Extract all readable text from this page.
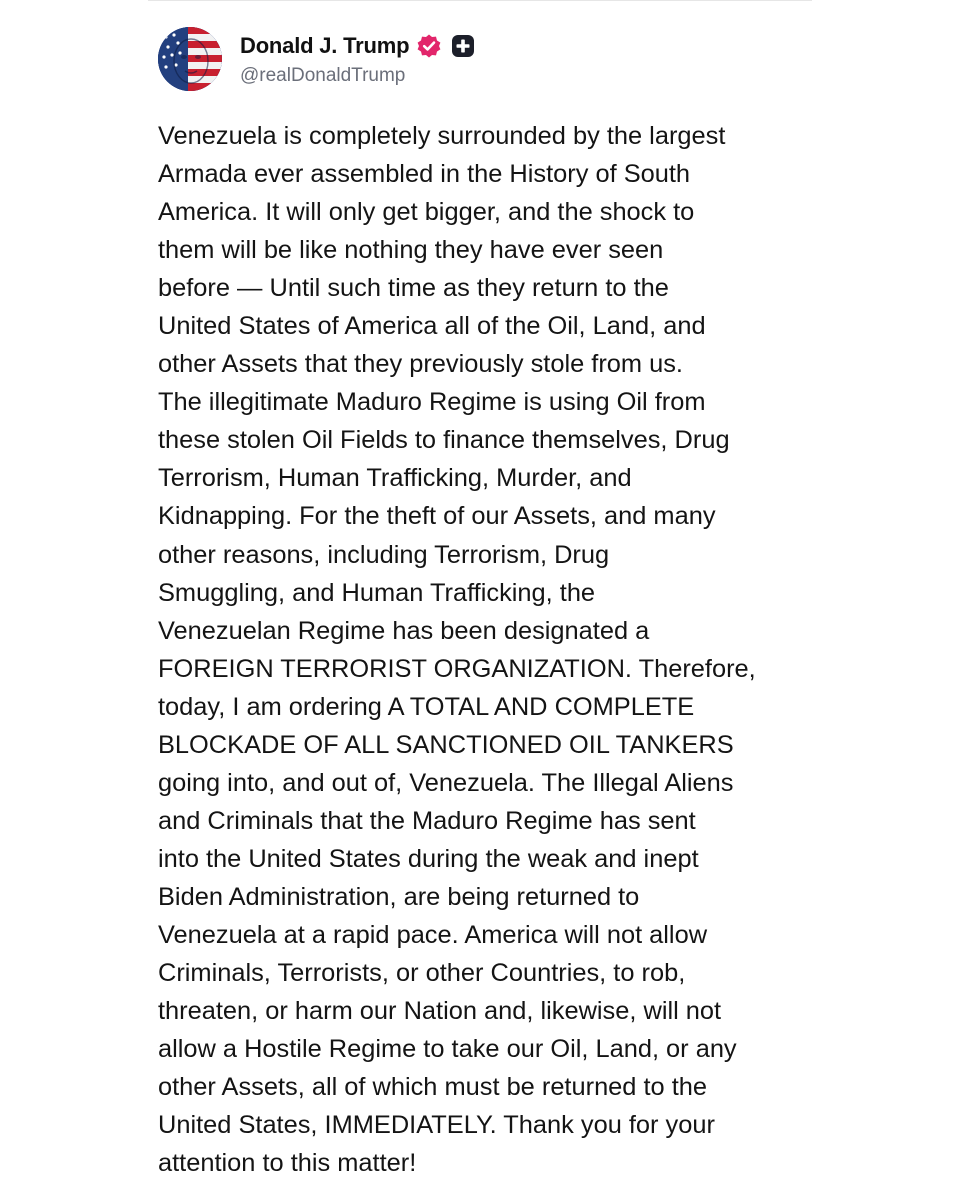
Donald J. Trump
@realDonaldTrump
Venezuela is completely surrounded by the largest
Armada ever assembled in the History of South
America. It will only get bigger, and the shock to
them will be like nothing they have ever seen
before — Until such time as they return to the
United States of America all of the Oil, Land, and
other Assets that they previously stole from us.
The illegitimate Maduro Regime is using Oil from
these stolen Oil Fields to finance themselves, Drug
Terrorism, Human Trafficking, Murder, and
Kidnapping. For the theft of our Assets, and many
other reasons, including Terrorism, Drug
Smuggling, and Human Trafficking, the
Venezuelan Regime has been designated a
FOREIGN TERRORIST ORGANIZATION. Therefore,
today, I am ordering A TOTAL AND COMPLETE
BLOCKADE OF ALL SANCTIONED OIL TANKERS
going into, and out of, Venezuela. The Illegal Aliens
and Criminals that the Maduro Regime has sent
into the United States during the weak and inept
Biden Administration, are being returned to
Venezuela at a rapid pace. America will not allow
Criminals, Terrorists, or other Countries, to rob,
threaten, or harm our Nation and, likewise, will not
allow a Hostile Regime to take our Oil, Land, or any
other Assets, all of which must be returned to the
United States, IMMEDIATELY. Thank you for your
attention to this matter!
